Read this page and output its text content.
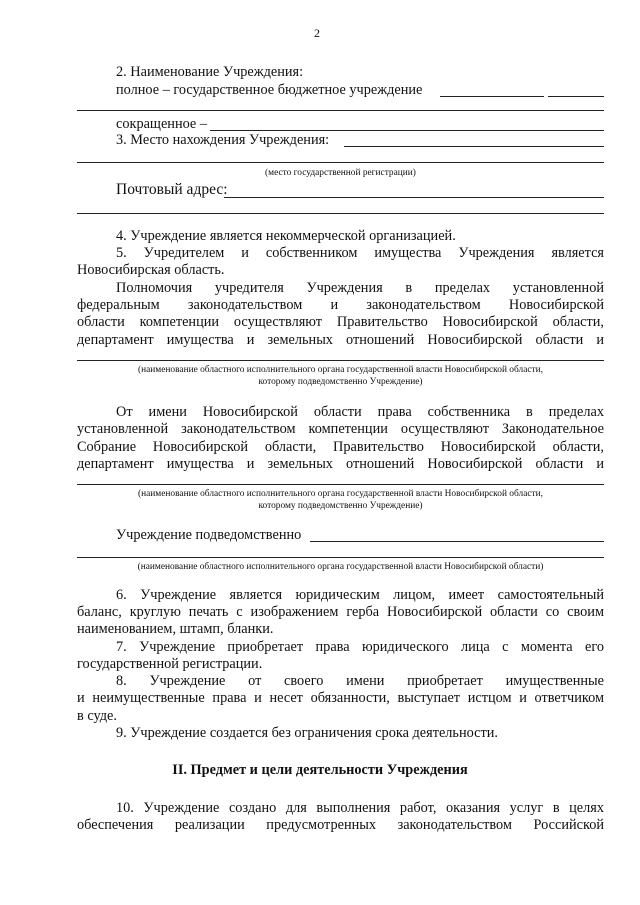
2
2. Наименование Учреждения:
полное – государственное бюджетное учреждение
сокращенное –
3. Место нахождения Учреждения:
(место государственной регистрации)
Почтовый адрес:
4. Учреждение является некоммерческой организацией.
5. Учредителем и собственником имущества Учреждения является
Новосибирская область.
Полномочия учредителя Учреждения в пределах установленной
федеральным законодательством и законодательством Новосибирской
области компетенции осуществляют Правительство Новосибирской области,
департамент имущества и земельных отношений Новосибирской области и
(наименование областного исполнительного органа государственной власти Новосибирской области,
которому подведомственно Учреждение)
От имени Новосибирской области права собственника в пределах
установленной законодательством компетенции осуществляют Законодательное
Собрание Новосибирской области, Правительство Новосибирской области,
департамент имущества и земельных отношений Новосибирской области и
(наименование областного исполнительного органа государственной власти Новосибирской области,
которому подведомственно Учреждение)
Учреждение подведомственно
(наименование областного исполнительного органа государственной власти Новосибирской области)
6. Учреждение является юридическим лицом, имеет самостоятельный
баланс, круглую печать с изображением герба Новосибирской области со своим
наименованием, штамп, бланки.
7. Учреждение приобретает права юридического лица с момента его
государственной регистрации.
8. Учреждение от своего имени приобретает имущественные
и неимущественные права и несет обязанности, выступает истцом и ответчиком
в суде.
9. Учреждение создается без ограничения срока деятельности.
II. Предмет и цели деятельности Учреждения
10. Учреждение создано для выполнения работ, оказания услуг в целях
обеспечения реализации предусмотренных законодательством Российской
